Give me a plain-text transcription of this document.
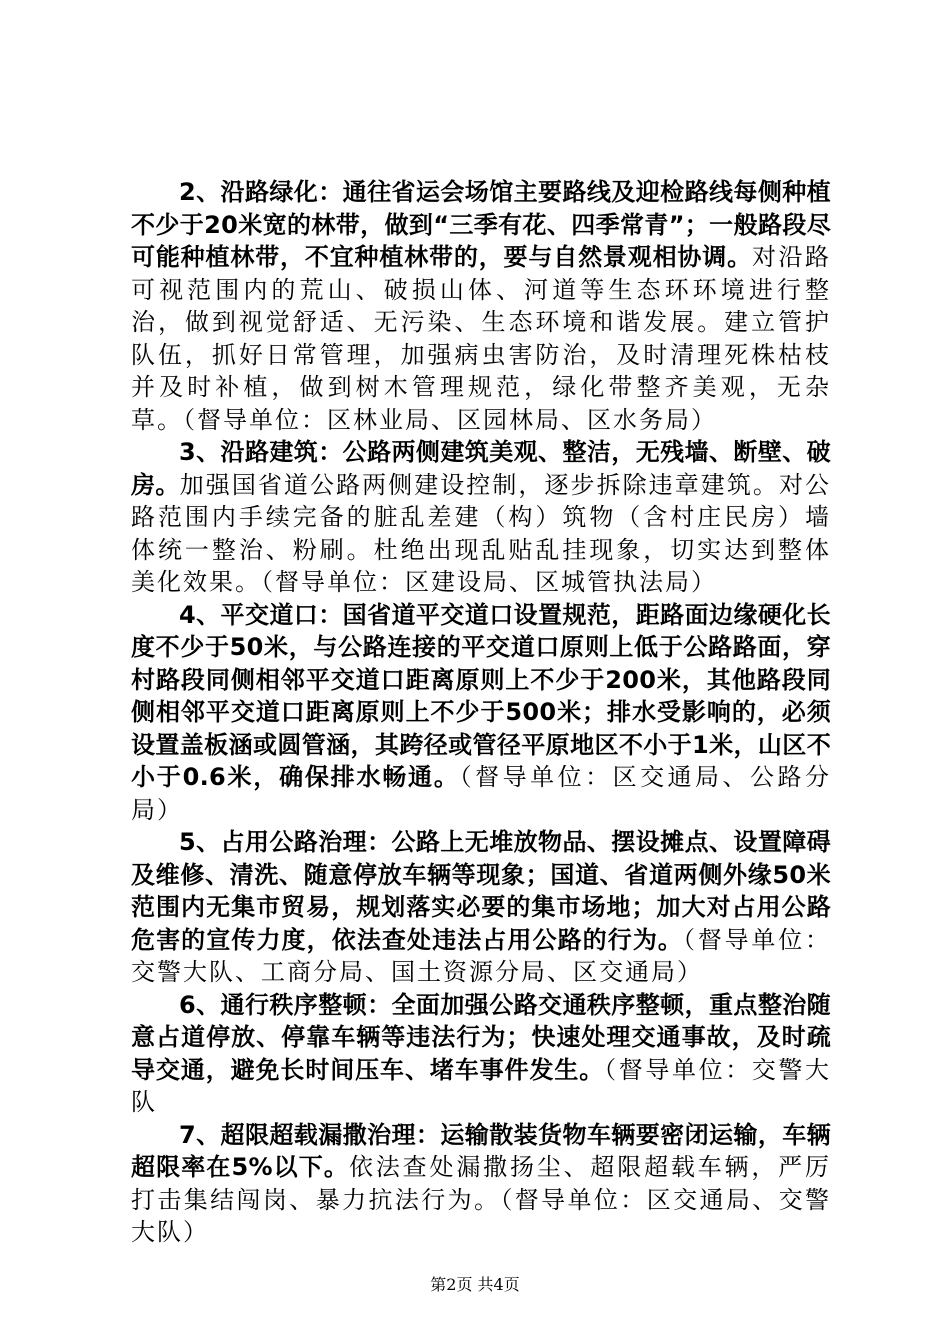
2、沿路绿化：通往省运会场馆主要路线及迎检路线每侧种植不少于20米宽的林带，做到“三季有花、四季常青”；一般路段尽可能种植林带，不宜种植林带的，要与自然景观相协调。对沿路可视范围内的荒山、破损山体、河道等生态环环境进行整治，做到视觉舒适、无污染、生态环境和谐发展。建立管护队伍，抓好日常管理，加强病虫害防治，及时清理死株枯枝并及时补植，做到树木管理规范，绿化带整齐美观，无杂草。（督导单位：区林业局、区园林局、区水务局）

3、沿路建筑：公路两侧建筑美观、整洁，无残墙、断壁、破房。加强国省道公路两侧建设控制，逐步拆除违章建筑。对公路范围内手续完备的脏乱差建（构）筑物（含村庄民房）墙体统一整治、粉刷。杜绝出现乱贴乱挂现象，切实达到整体美化效果。（督导单位：区建设局、区城管执法局）

4、平交道口：国省道平交道口设置规范，距路面边缘硬化长度不少于50米，与公路连接的平交道口原则上低于公路路面，穿村路段同侧相邻平交道口距离原则上不少于200米，其他路段同侧相邻平交道口距离原则上不少于500米；排水受影响的，必须设置盖板涵或圆管涵，其跨径或管径平原地区不小于1米，山区不小于0.6米，确保排水畅通。（督导单位：区交通局、公路分局）

5、占用公路治理：公路上无堆放物品、摆设摊点、设置障碍及维修、清洗、随意停放车辆等现象；国道、省道两侧外缘50米范围内无集市贸易，规划落实必要的集市场地；加大对占用公路危害的宣传力度，依法查处违法占用公路的行为。（督导单位：交警大队、工商分局、国土资源分局、区交通局）

6、通行秩序整顿：全面加强公路交通秩序整顿，重点整治随意占道停放、停靠车辆等违法行为；快速处理交通事故，及时疏导交通，避免长时间压车、堵车事件发生。（督导单位：交警大队

7、超限超载漏撒治理：运输散装货物车辆要密闭运输，车辆超限率在5%以下。依法查处漏撒扬尘、超限超载车辆，严厉打击集结闯岗、暴力抗法行为。（督导单位：区交通局、交警大队）

第2页 共4页
